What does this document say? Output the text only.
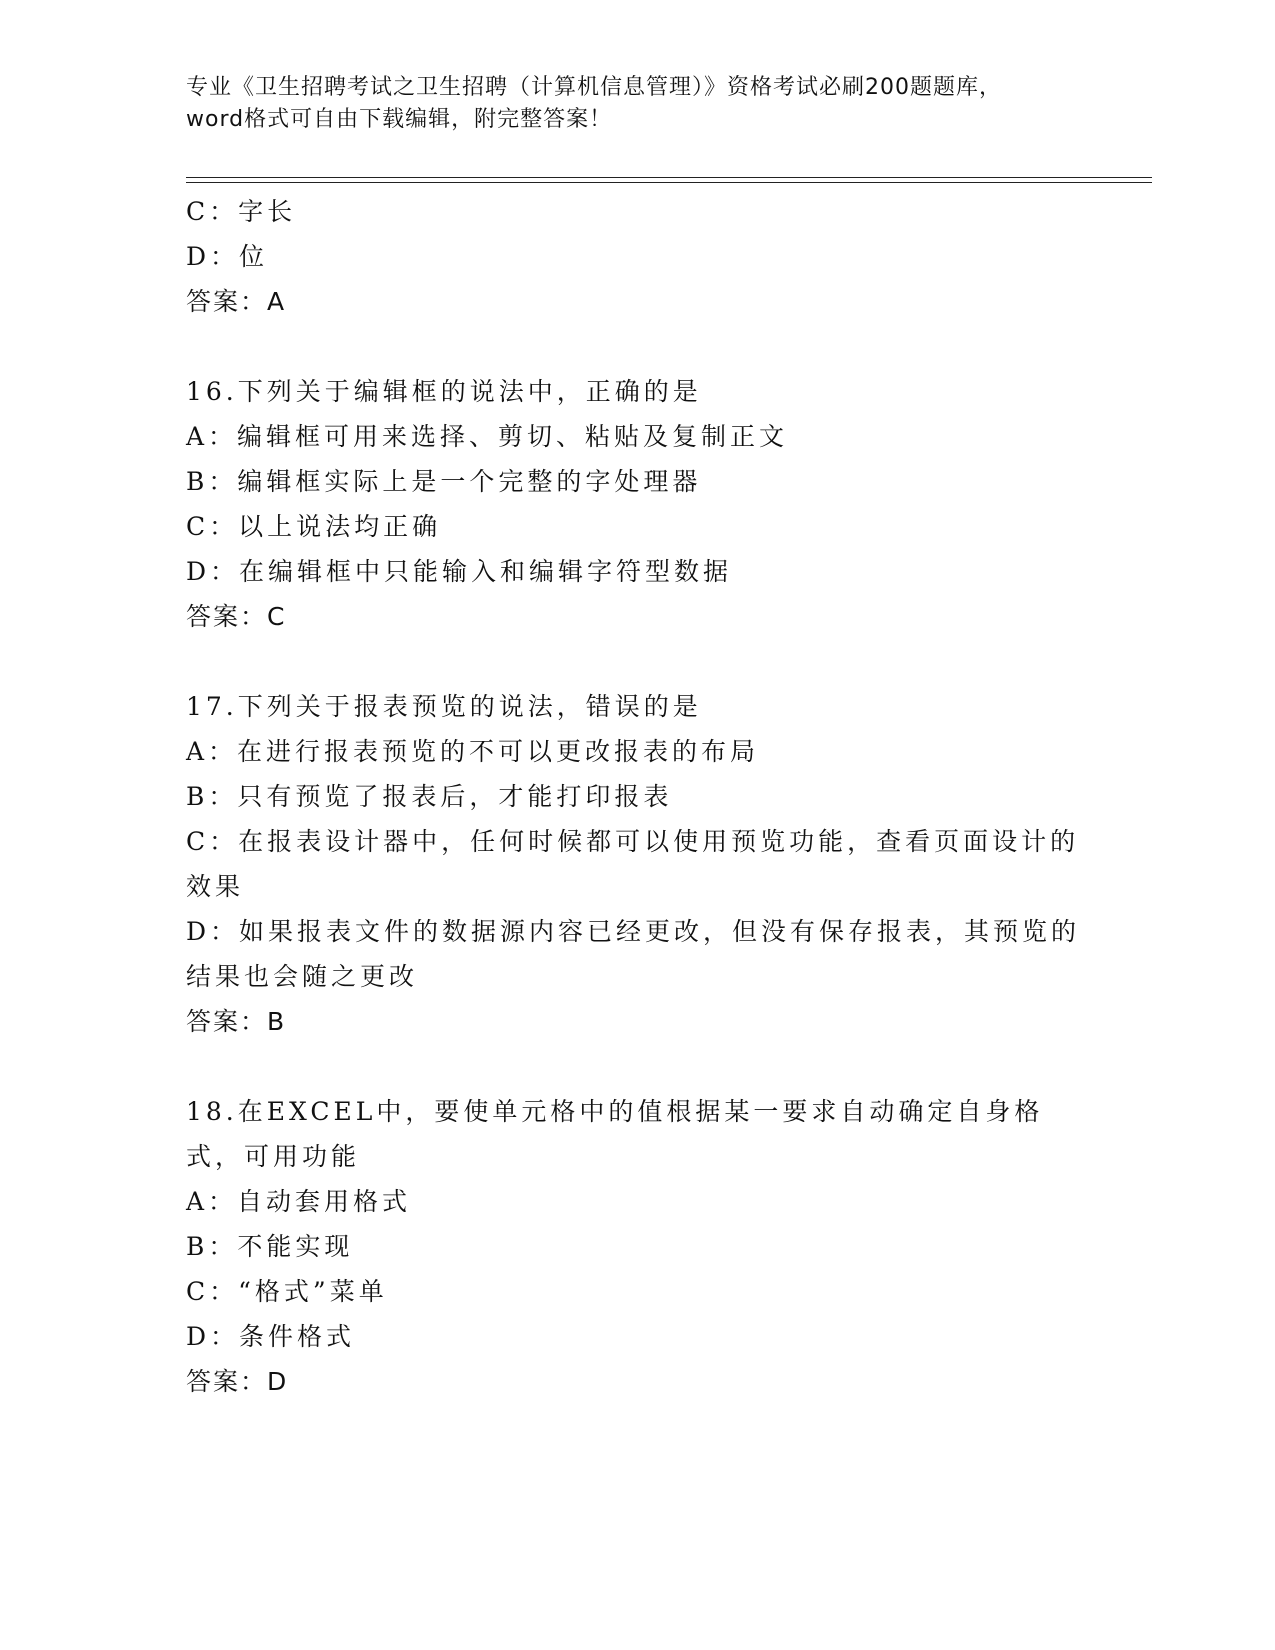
专业《卫生招聘考试之卫生招聘（计算机信息管理）》资格考试必刷200题题库，
word格式可自由下载编辑，附完整答案！
C：字长
D：位
答案：A
16.下列关于编辑框的说法中，正确的是
A：编辑框可用来选择、剪切、粘贴及复制正文
B：编辑框实际上是一个完整的字处理器
C：以上说法均正确
D：在编辑框中只能输入和编辑字符型数据
答案：C
17.下列关于报表预览的说法，错误的是
A：在进行报表预览的不可以更改报表的布局
B：只有预览了报表后，才能打印报表
C：在报表设计器中，任何时候都可以使用预览功能，查看页面设计的效果
D：如果报表文件的数据源内容已经更改，但没有保存报表，其预览的结果也会随之更改
答案：B
18.在EXCEL中，要使单元格中的值根据某一要求自动确定自身格式，可用功能
A：自动套用格式
B：不能实现
C：“格式”菜单
D：条件格式
答案：D
